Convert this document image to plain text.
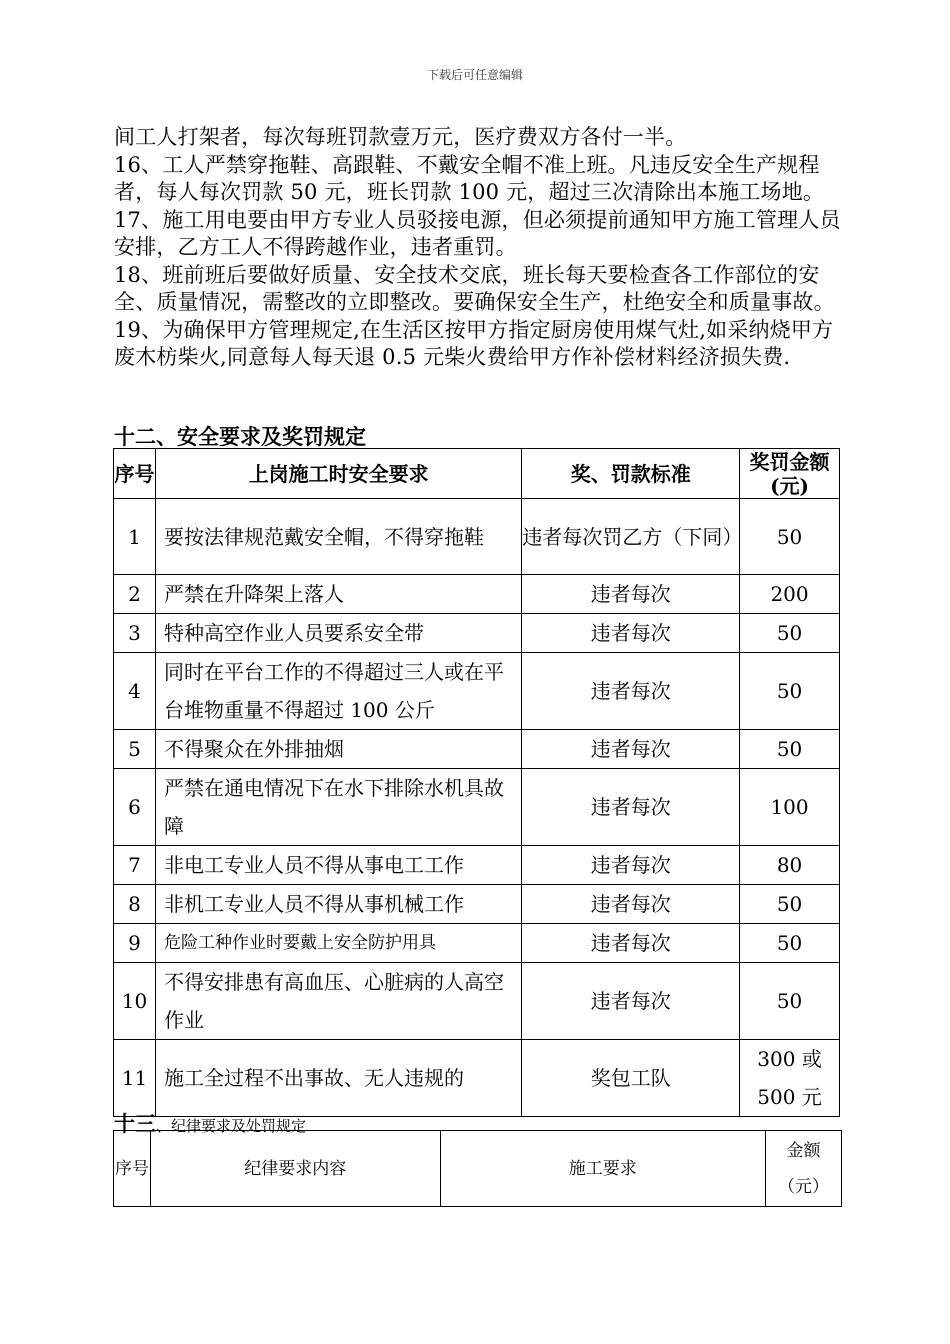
下载后可任意编辑

间工人打架者，每次每班罚款壹万元，医疗费双方各付一半。

16、工人严禁穿拖鞋、高跟鞋、不戴安全帽不准上班。凡违反安全生产规程者，每人每次罚款 50 元，班长罚款 100 元，超过三次清除出本施工场地。

17、施工用电要由甲方专业人员驳接电源，但必须提前通知甲方施工管理人员安排，乙方工人不得跨越作业，违者重罚。

18、班前班后要做好质量、安全技术交底，班长每天要检查各工作部位的安全、质量情况，需整改的立即整改。要确保安全生产，杜绝安全和质量事故。

19、为确保甲方管理规定,在生活区按甲方指定厨房使用煤气灶,如采纳烧甲方废木枋柴火,同意每人每天退 0.5 元柴火费给甲方作补偿材料经济损失费.

十二、安全要求及奖罚规定
序号	上岗施工时安全要求	奖、罚款标准	奖罚金额(元)
1	要按法律规范戴安全帽，不得穿拖鞋	违者每次罚乙方（下同）	50
2	严禁在升降架上落人	违者每次	200
3	特种高空作业人员要系安全带	违者每次	50
4	同时在平台工作的不得超过三人或在平台堆物重量不得超过 100 公斤	违者每次	50
5	不得聚众在外排抽烟	违者每次	50
6	严禁在通电情况下在水下排除水机具故障	违者每次	100
7	非电工专业人员不得从事电工工作	违者每次	80
8	非机工专业人员不得从事机械工作	违者每次	50
9	危险工种作业时要戴上安全防护用具	违者每次	50
10	不得安排患有高血压、心脏病的人高空作业	违者每次	50
11	施工全过程不出事故、无人违规的	奖包工队	300 或 500 元
十三、纪律要求及处罚规定
序号	纪律要求内容	施工要求	金额（元）
